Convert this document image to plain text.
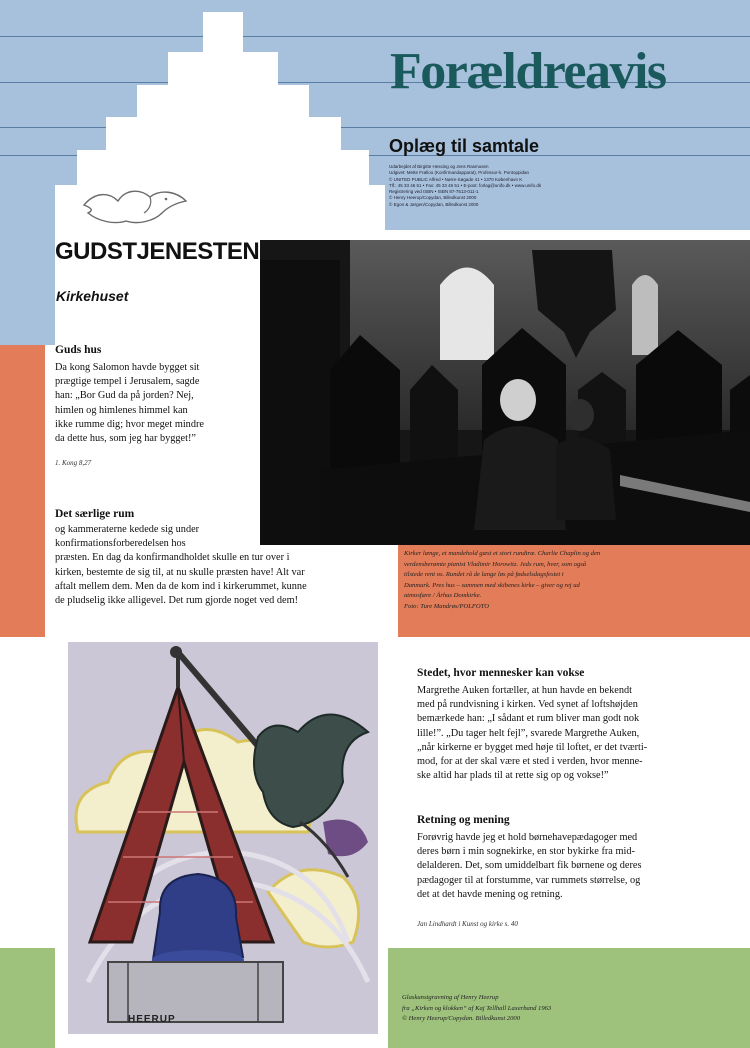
Forældreavis
Oplæg til samtale
Udarbejdet af Birgitte Hessing og Jens Rasmusen
Udgivet: Mette Frølloo (Konfirmandapparat), Professor-k. Pontoppidan
© UNITED PUBLIC Alfred • Nørre-Søgade 41 • 1370 København K
Tlf.: 45 33 46 51 • Fax: 45 33 46 51 • E-post: forlag@unifo.dk • www.unifo.dk
Registrering ved ISBN • ISBN 87-7513-011-1
© Henry Heerup/Copydan, Billedkunst 2000
© Egon & Jørgen/Copydan, Billedkunst 2000
GUDSTJENESTEN
Kirkehuset
Guds hus
Da kong Salomon havde bygget sit
prægtige tempel i Jerusalem, sagde
han: „Bor Gud da på jorden? Nej,
himlen og himlenes himmel kan
ikke rumme dig; hvor meget mindre
da dette hus, som jeg har bygget!”
1. Kong 8,27
Kirker længe, et mandehold gæst et stort rundtræ. Charlie Chaplin og den
verdensberømte pianist Vladimir Horowitz. Jeds rum, hver, som også
tilstede rent os. Rundet rå de lange løs på fødselsdagsfestet i
Danmark. Pres hus – sammen med skibenes kirke – giver og rej ud
atmosfære / Århus Domkirke.
Foto: Ture Mandrøs/POLFOTO
Det særlige rum
og kammeraterne kedede sig under
konfirmationsforberedelsen hos
præsten. En dag da konfirmandholdet skulle en tur over i
kirken, bestemte de sig til, at nu skulle præsten have! Alt var
aftalt mellem dem. Men da de kom ind i kirkerummet, kunne
de pludselig ikke alligevel. Det rum gjorde noget ved dem!
HEERUP
Stedet, hvor mennesker kan vokse
Margrethe Auken fortæller, at hun havde en bekendt
med på rundvisning i kirken. Ved synet af loftshøjden
bemærkede han: „I sådant et rum bliver man godt nok
lille!”. „Du tager helt fejl”, svarede Margrethe Auken,
„når kirkerne er bygget med høje til loftet, er det tværti-
mod, for at der skal være et sted i verden, hvor menne-
ske altid har plads til at rette sig op og vokse!”
Retning og mening
Forøvrig havde jeg et hold børnehavepædagoger med
deres børn i min sognekirke, en stor bykirke fra mid-
delalderen. Det, som umiddelbart fik børnene og deres
pædagoger til at forstumme, var rummets størrelse, og
det at det havde mening og retning.
Jan Lindhardt i Kunst og kirke s. 40
Glaskunstgravning af Henry Heerup
fra „Kirken og klokken” af Kaj Tellhall Laxerband 1963
© Henry Heerup/Copydan. Billedkunst 2000
